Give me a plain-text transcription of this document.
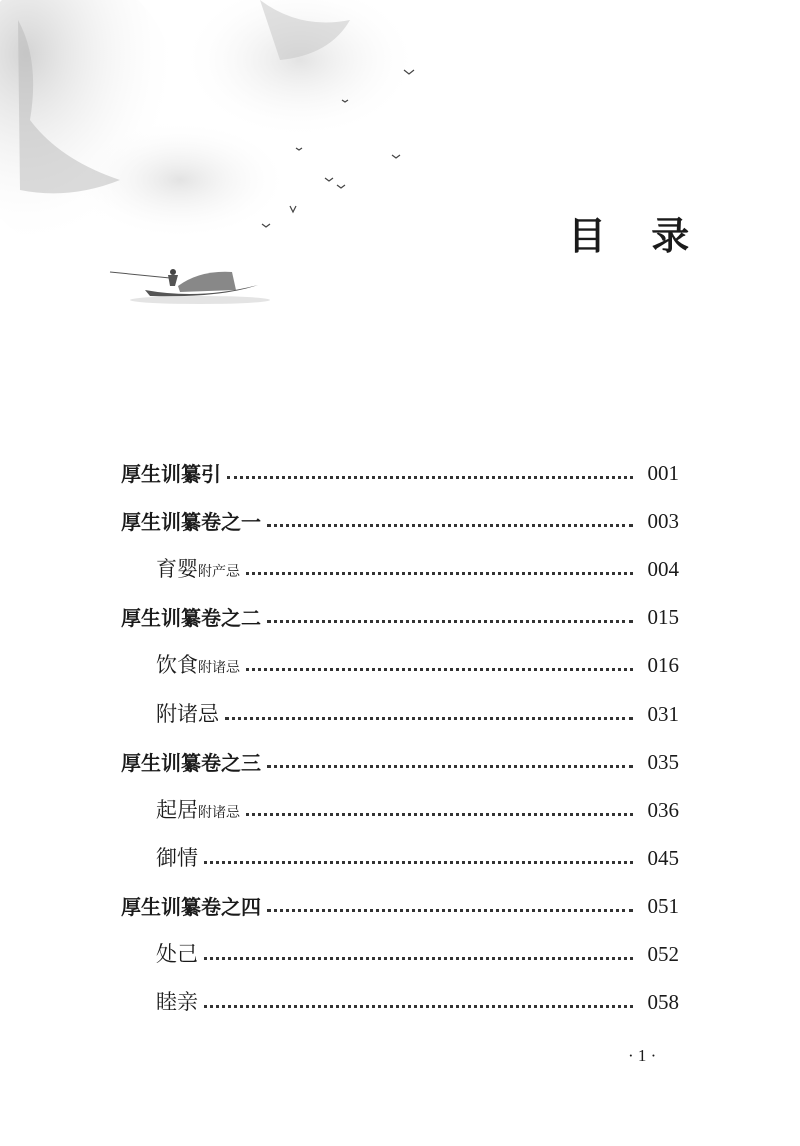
目 录
厚生训纂引	001
厚生训纂卷之一	003
育婴附产忌	004
厚生训纂卷之二	015
饮食附诸忌	016
附诸忌	031
厚生训纂卷之三	035
起居附诸忌	036
御情	045
厚生训纂卷之四	051
处己	052
睦亲	058
· 1 ·
